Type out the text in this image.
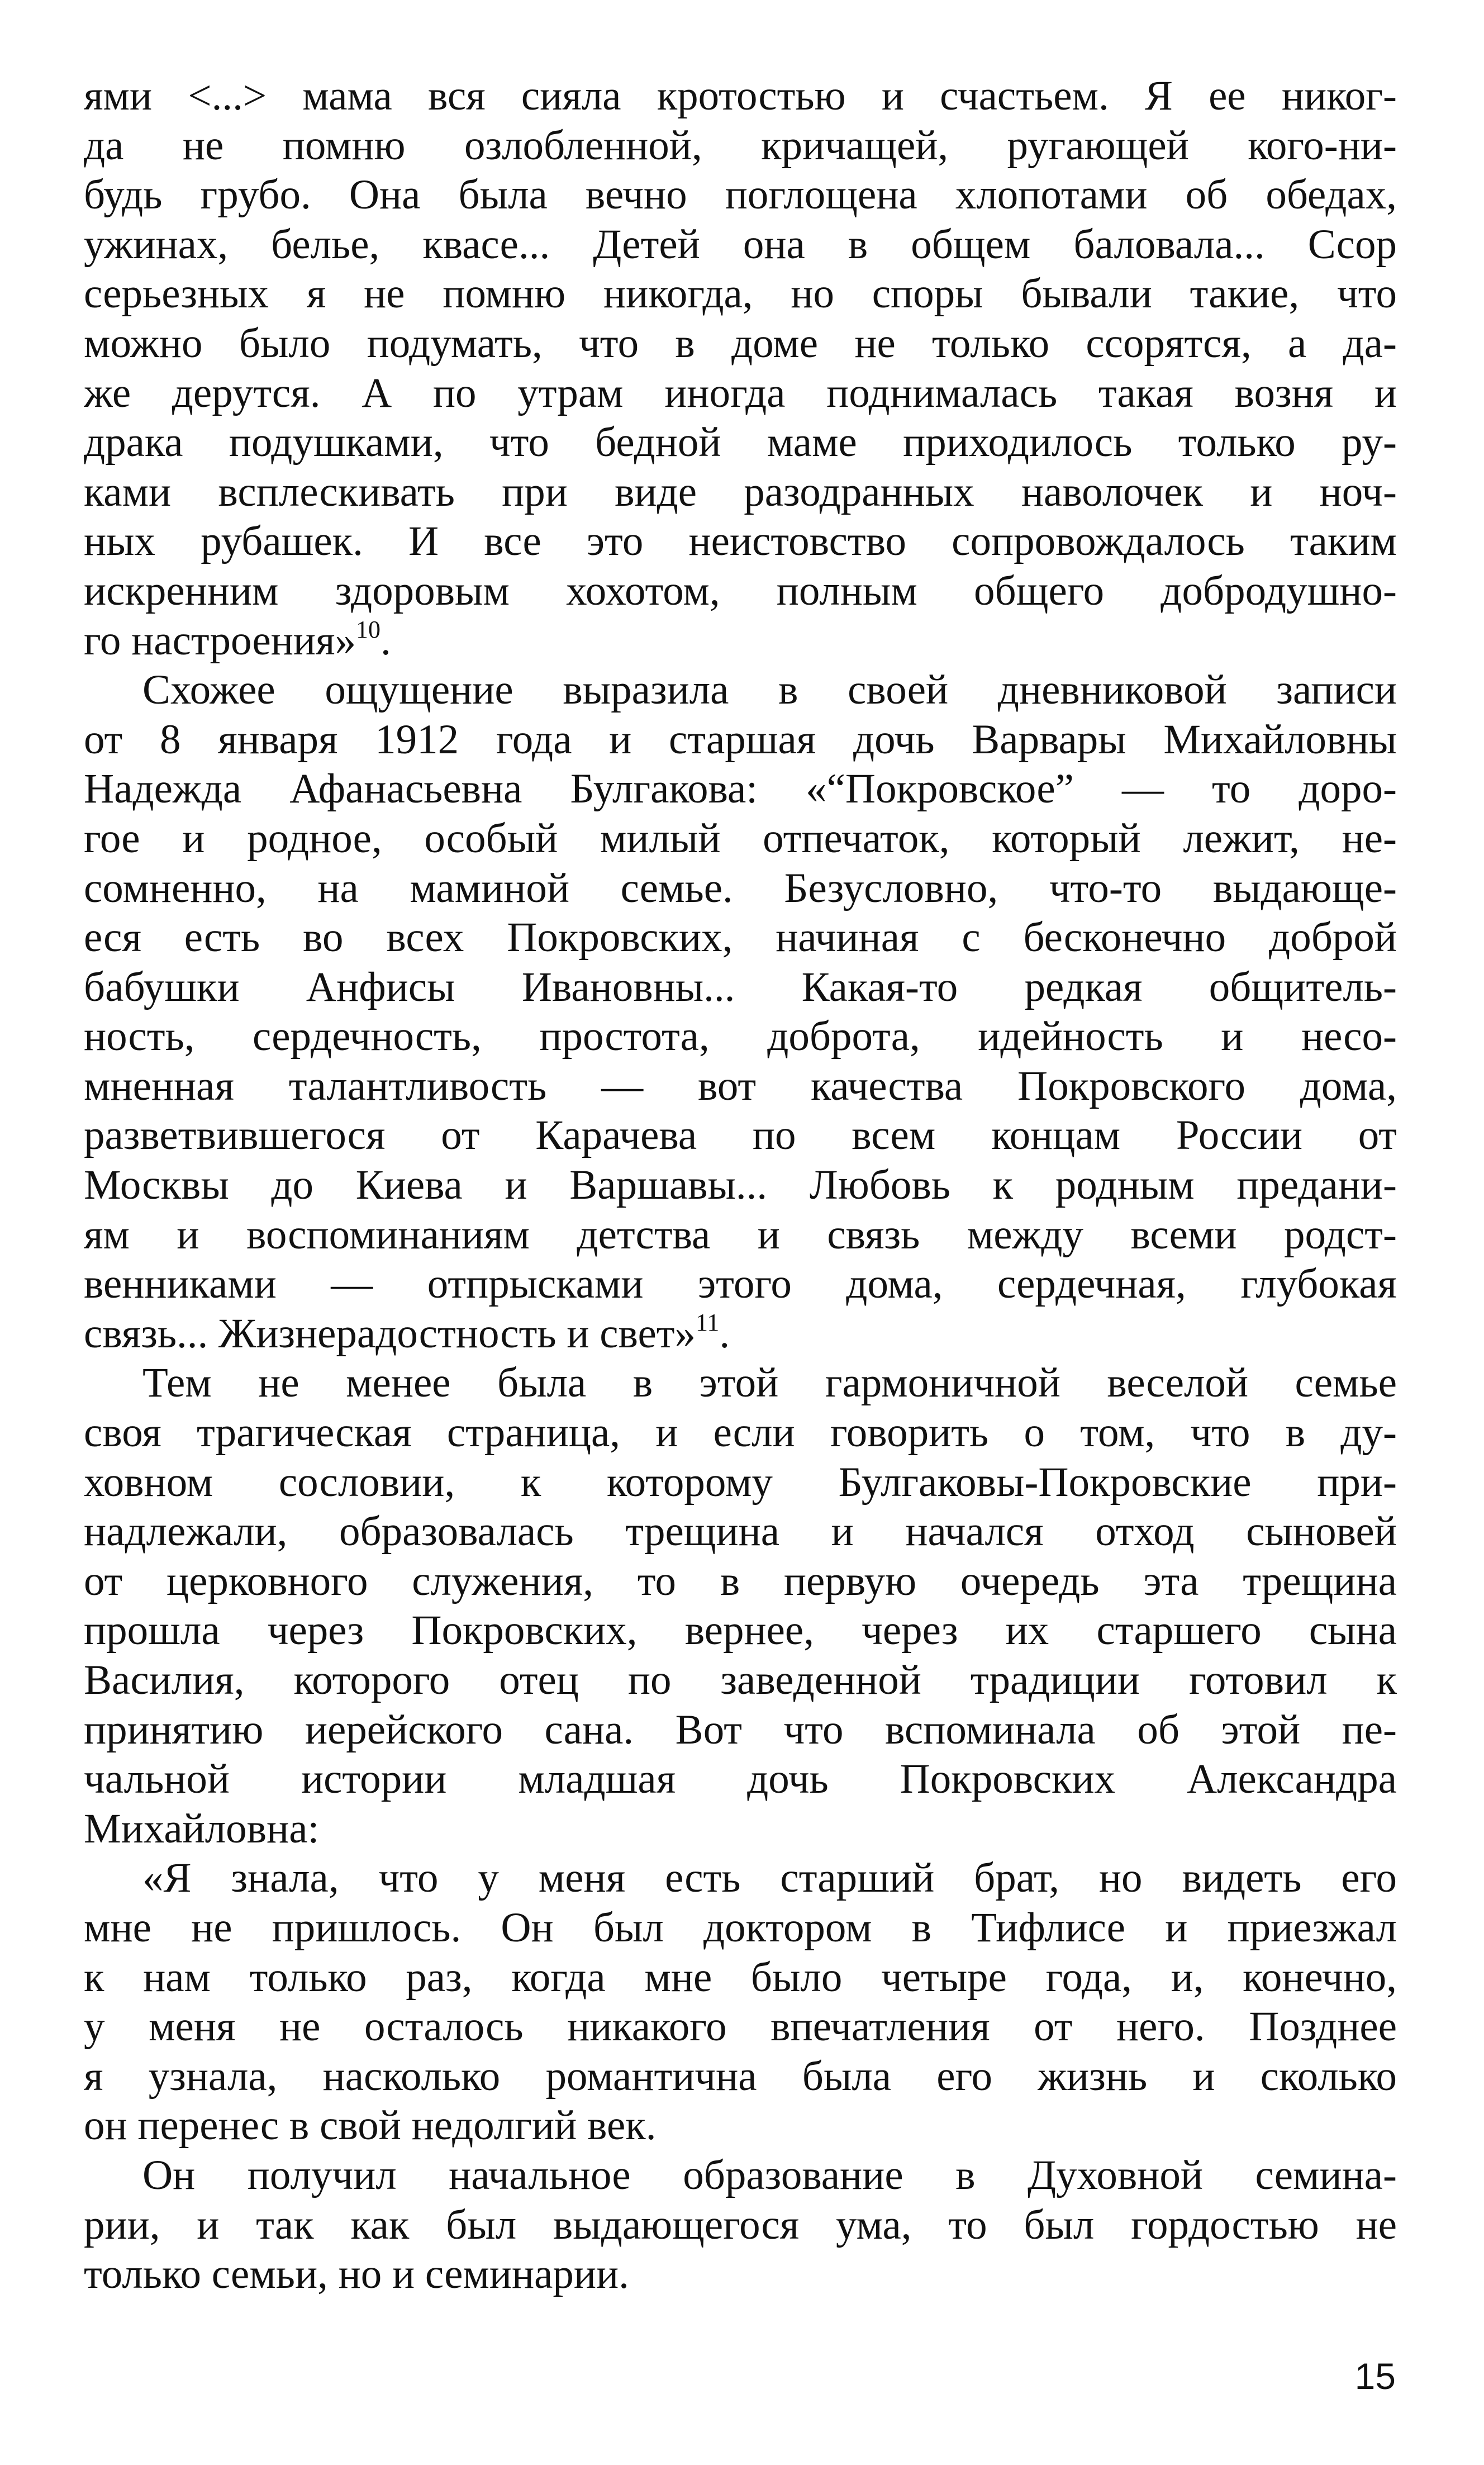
ями <...> мама вся сияла кротостью и счастьем. Я ее никог-
да не помню озлобленной, кричащей, ругающей кого-ни-
будь грубо. Она была вечно поглощена хлопотами об обедах,
ужинах, белье, квасе... Детей она в общем баловала... Ссор
серьезных я не помню никогда, но споры бывали такие, что
можно было подумать, что в доме не только ссорятся, а да-
же дерутся. А по утрам иногда поднималась такая возня и
драка подушками, что бедной маме приходилось только ру-
ками всплескивать при виде разодранных наволочек и ноч-
ных рубашек. И все это неистовство сопровождалось таким
искренним здоровым хохотом, полным общего добродушно-
го настроения»$^{10}$.
Схожее ощущение выразила в своей дневниковой записи
от 8 января 1912 года и старшая дочь Варвары Михайловны
Надежда Афанасьевна Булгакова: «“Покровское” — то доро-
гое и родное, особый милый отпечаток, который лежит, не-
сомненно, на маминой семье. Безусловно, что-то выдающе-
еся есть во всех Покровских, начиная с бесконечно доброй
бабушки Анфисы Ивановны... Какая-то редкая общитель-
ность, сердечность, простота, доброта, идейность и несо-
мненная талантливость — вот качества Покровского дома,
разветвившегося от Карачева по всем концам России от
Москвы до Киева и Варшавы... Любовь к родным предани-
ям и воспоминаниям детства и связь между всеми родст-
венниками — отпрысками этого дома, сердечная, глубокая
связь... Жизнерадостность и свет»$^{11}$.
Тем не менее была в этой гармоничной веселой семье
своя трагическая страница, и если говорить о том, что в ду-
ховном сословии, к которому Булгаковы-Покровские при-
надлежали, образовалась трещина и начался отход сыновей
от церковного служения, то в первую очередь эта трещина
прошла через Покровских, вернее, через их старшего сына
Василия, которого отец по заведенной традиции готовил к
принятию иерейского сана. Вот что вспоминала об этой пе-
чальной истории младшая дочь Покровских Александра
Михайловна:
«Я знала, что у меня есть старший брат, но видеть его
мне не пришлось. Он был доктором в Тифлисе и приезжал
к нам только раз, когда мне было четыре года, и, конечно,
у меня не осталось никакого впечатления от него. Позднее
я узнала, насколько романтична была его жизнь и сколько
он перенес в свой недолгий век.
Он получил начальное образование в Духовной семина-
рии, и так как был выдающегося ума, то был гордостью не
только семьи, но и семинарии.
15
